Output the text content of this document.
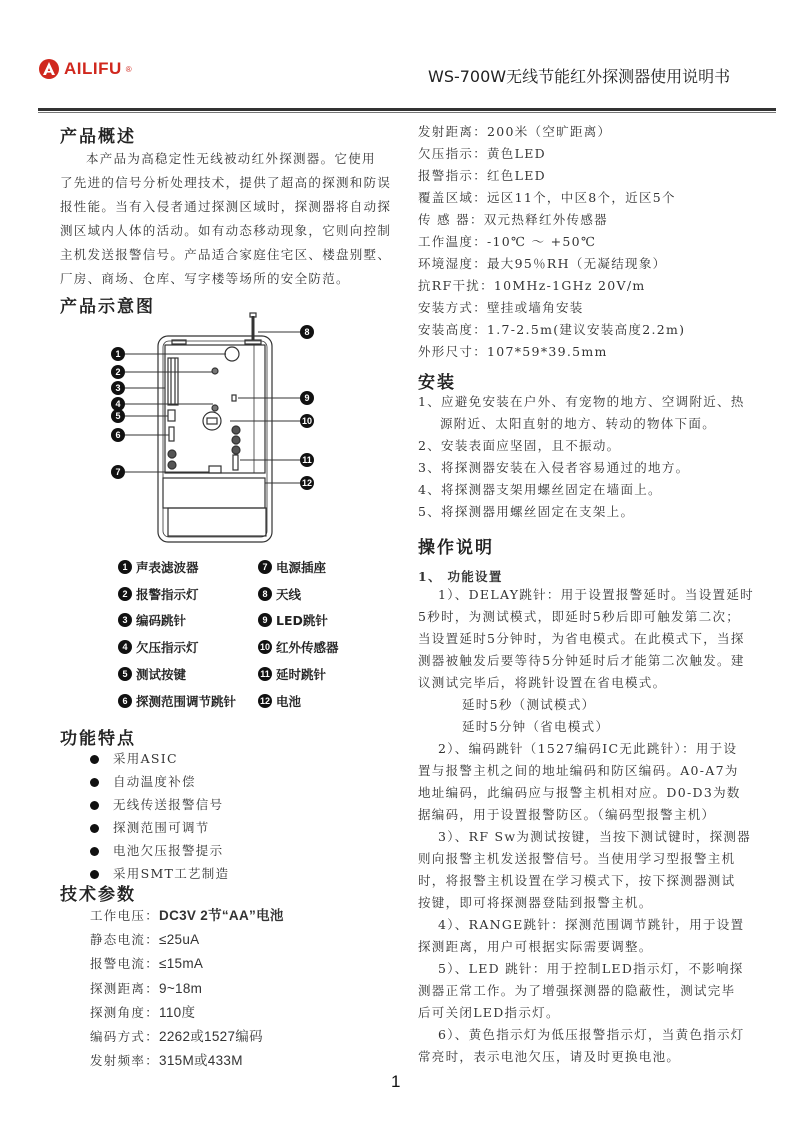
AILIFU ®	WS-700W无线节能红外探测器使用说明书
产品概述
本产品为高稳定性无线被动红外探测器。它使用
了先进的信号分析处理技术，提供了超高的探测和防误
报性能。当有入侵者通过探测区域时，探测器将自动探
测区域内人体的活动。如有动态移动现象，它则向控制
主机发送报警信号。产品适合家庭住宅区、楼盘别墅、
厂房、商场、仓库、写字楼等场所的安全防范。
产品示意图
1
2
3
4
5
6
7
8
9
10
11
12
1 声表滤波器	7 电源插座
2 报警指示灯	8 天线
3 编码跳针	9 LED跳针
4 欠压指示灯	10 红外传感器
5 测试按键	11 延时跳针
6 探测范围调节跳针	12 电池
功能特点
采用ASIC
自动温度补偿
无线传送报警信号
探测范围可调节
电池欠压报警提示
采用SMT工艺制造
技术参数
工作电压：DC3V 2节“AA”电池
静态电流：≤25uA
报警电流：≤15mA
探测距离：9~18m
探测角度：110度
编码方式：2262或1527编码
发射频率：315M或433M
发射距离：200米（空旷距离）
欠压指示：黄色LED
报警指示：红色LED
覆盖区域：远区11个，中区8个，近区5个
传 感 器：双元热释红外传感器
工作温度：-10℃ ～ +50℃
环境湿度：最大95％RH（无凝结现象）
抗RF干扰：10MHz-1GHz 20V/m
安装方式：壁挂或墙角安装
安装高度：1.7-2.5m(建议安装高度2.2m)
外形尺寸：107*59*39.5mm
安装
1、应避免安装在户外、有宠物的地方、空调附近、热
源附近、太阳直射的地方、转动的物体下面。
2、安装表面应坚固，且不振动。
3、将探测器安装在入侵者容易通过的地方。
4、将探测器支架用螺丝固定在墙面上。
5、将探测器用螺丝固定在支架上。
操作说明
1、 功能设置
1）、DELAY跳针：用于设置报警延时。当设置延时
5秒时，为测试模式，即延时5秒后即可触发第二次；
当设置延时5分钟时，为省电模式。在此模式下，当探
测器被触发后要等待5分钟延时后才能第二次触发。建
议测试完毕后，将跳针设置在省电模式。
延时5秒（测试模式）
延时5分钟（省电模式）
2）、编码跳针（1527编码IC无此跳针）：用于设
置与报警主机之间的地址编码和防区编码。A0-A7为
地址编码，此编码应与报警主机相对应。D0-D3为数
据编码，用于设置报警防区。（编码型报警主机）
3）、RF Sw为测试按键，当按下测试键时，探测器
则向报警主机发送报警信号。当使用学习型报警主机
时，将报警主机设置在学习模式下，按下探测器测试
按键，即可将探测器登陆到报警主机。
4）、RANGE跳针：探测范围调节跳针，用于设置
探测距离，用户可根据实际需要调整。
5）、LED 跳针：用于控制LED指示灯，不影响探
测器正常工作。为了增强探测器的隐蔽性，测试完毕
后可关闭LED指示灯。
6）、黄色指示灯为低压报警指示灯，当黄色指示灯
常亮时，表示电池欠压，请及时更换电池。
1
